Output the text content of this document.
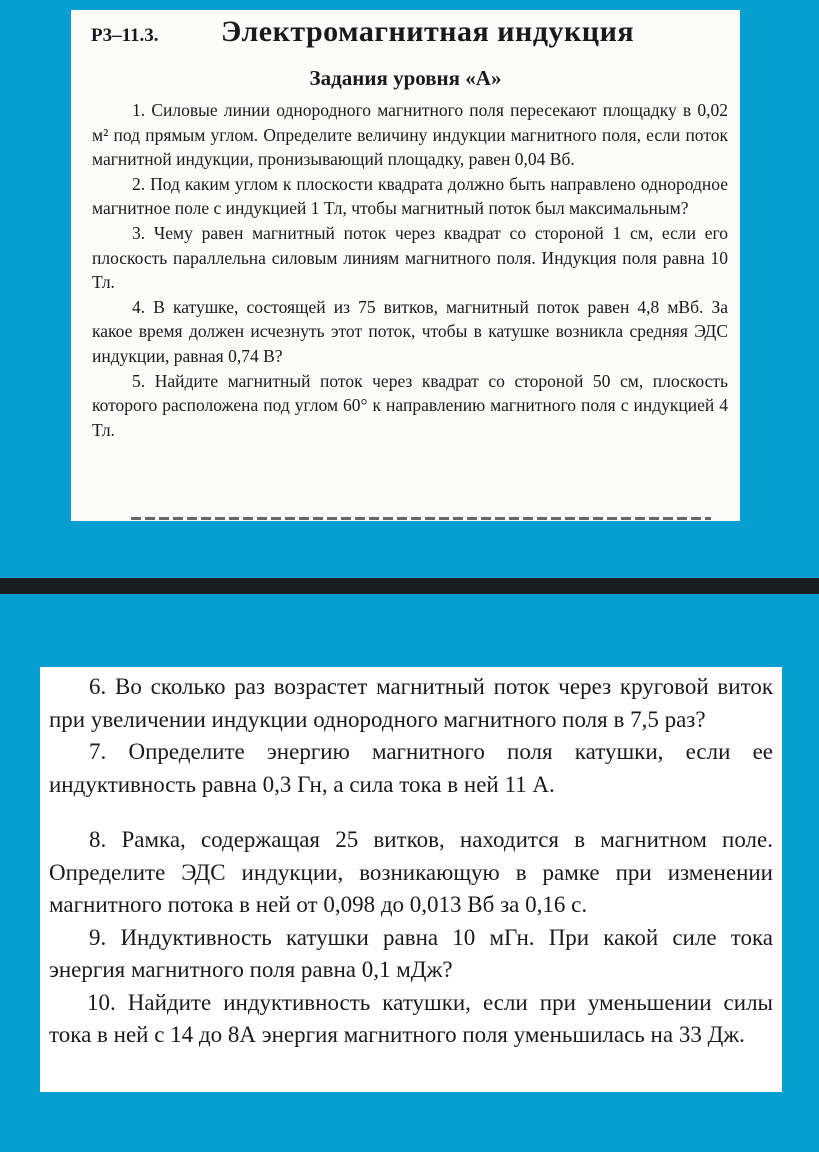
Р3–11.3. Электромагнитная индукция
Задания уровня «А»

1. Силовые линии однородного магнитного поля пересекают площадку в 0,02 м² под прямым углом. Определите величину индукции магнитного поля, если поток магнитной индукции, пронизывающий площадку, равен 0,04 Вб.

2. Под каким углом к плоскости квадрата должно быть направлено однородное магнитное поле с индукцией 1 Тл, чтобы магнитный поток был максимальным?

3. Чему равен магнитный поток через квадрат со стороной 1 см, если его плоскость параллельна силовым линиям магнитного поля. Индукция поля равна 10 Тл.

4. В катушке, состоящей из 75 витков, магнитный поток равен 4,8 мВб. За какое время должен исчезнуть этот поток, чтобы в катушке возникла средняя ЭДС индукции, равная 0,74 В?

5. Найдите магнитный поток через квадрат со стороной 50 см, плоскость которого расположена под углом 60° к направлению магнитного поля с индукцией 4 Тл.

6. Во сколько раз возрастет магнитный поток через круговой виток при увеличении индукции однородного магнитного поля в 7,5 раз?

7. Определите энергию магнитного поля катушки, если ее индуктивность равна 0,3 Гн, а сила тока в ней 11 А.

8. Рамка, содержащая 25 витков, находится в магнитном поле. Определите ЭДС индукции, возникающую в рамке при изменении магнитного потока в ней от 0,098 до 0,013 Вб за 0,16 с.

9. Индуктивность катушки равна 10 мГн. При какой силе тока энергия магнитного поля равна 0,1 мДж?

10. Найдите индуктивность катушки, если при уменьшении силы тока в ней с 14 до 8А энергия магнитного поля уменьшилась на 33 Дж.
